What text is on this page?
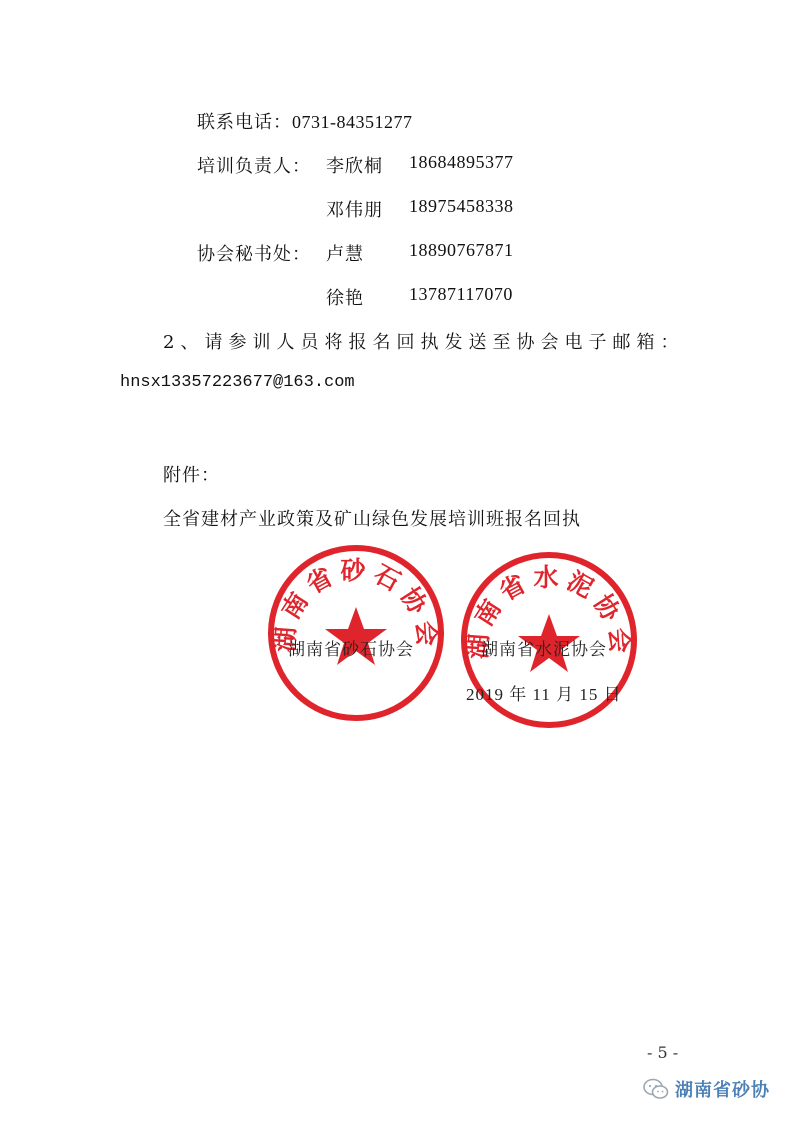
联系电话：0731-84351277
培训负责人： 李欣桐 18684895377
邓伟朋 18975458338
协会秘书处： 卢慧	18890767871
徐艳	13787117070
2、请参训人员将报名回执发送至协会电子邮箱：
hnsx13357223677@163.com
附件：
全省建材产业政策及矿山绿色发展培训班报名回执
湖南省砂石协会 湖南省水泥协会
湖南省砂石协会	湖南省水泥协会
2019 年 11 月 15 日
- 5 -
湖南省砂协
